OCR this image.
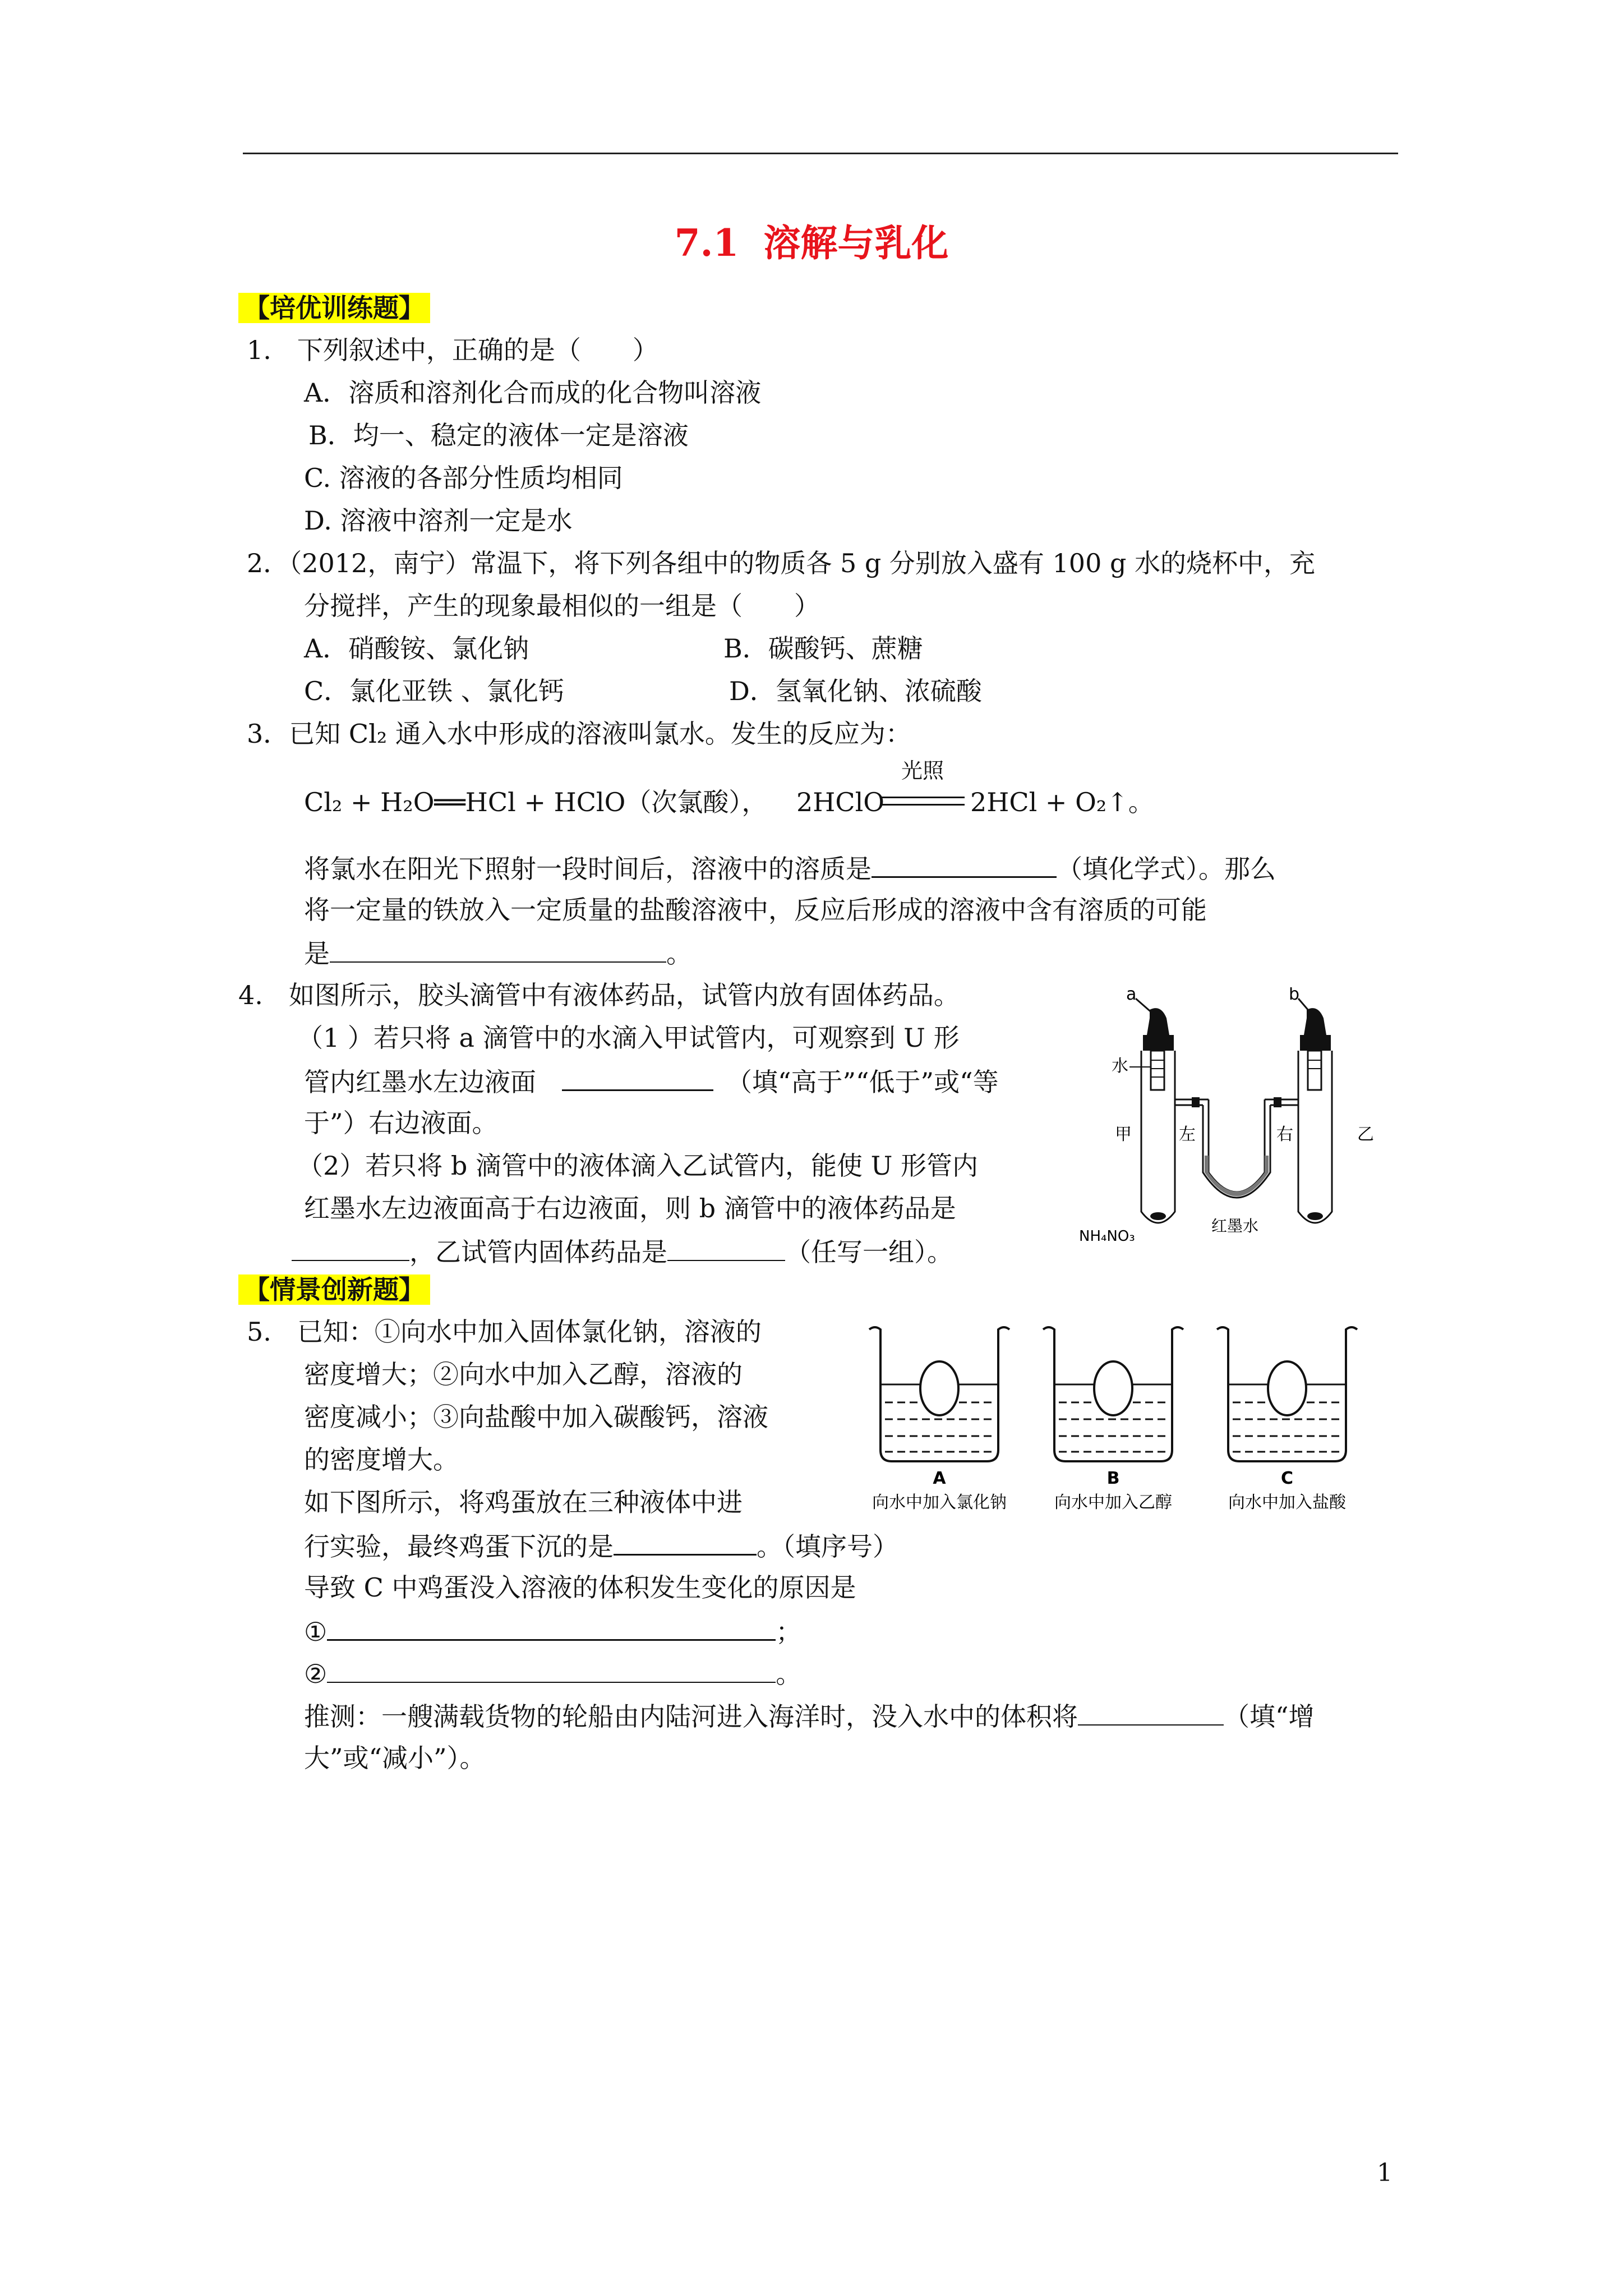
7.1 溶解与乳化
【培优训练题】
1.　下列叙述中，正确的是（　　）
A．溶质和溶剂化合而成的化合物叫溶液
B．均一、稳定的液体一定是溶液
C. 溶液的各部分性质均相同
D. 溶液中溶剂一定是水
2．（2012，南宁）常温下，将下列各组中的物质各 5 g 分别放入盛有 100 g 水的烧杯中，充
分搅拌，产生的现象最相似的一组是（　　）
A．硝酸铵、氯化钠	B．碳酸钙、蔗糖
C．氯化亚铁 、氯化钙	D．氢氧化钠、浓硫酸
3．已知 Cl₂ 通入水中形成的溶液叫氯水。发生的反应为：
Cl₂ + H₂O══HCl + HClO（次氯酸）， 2HClO
光照
2HCl + O₂↑。
将氯水在阳光下照射一段时间后，溶液中的溶质是	（填化学式）。那么
将一定量的铁放入一定质量的盐酸溶液中，反应后形成的溶液中含有溶质的可能
是	。
4.　如图所示，胶头滴管中有液体药品，试管内放有固体药品。
（1 ）若只将 a 滴管中的水滴入甲试管内，可观察到 U 形
管内红墨水左边液面　　	（填“高于”“低于”或“等
于”）右边液面。
（2）若只将 b 滴管中的液体滴入乙试管内，能使 U 形管内
红墨水左边液面高于右边液面，则 b 滴管中的液体药品是
，乙试管内固体药品是	（任写一组）。
a	b
水
甲	左	右	乙
NH₄NO₃
红墨水
【情景创新题】
5.　已知：①向水中加入固体氯化钠，溶液的
密度增大；②向水中加入乙醇，溶液的
密度减小；③向盐酸中加入碳酸钙，溶液
的密度增大。
如下图所示，将鸡蛋放在三种液体中进
行实验，最终鸡蛋下沉的是	。（填序号）
导致 C 中鸡蛋没入溶液的体积发生变化的原因是
①	；
②	。
推测：一艘满载货物的轮船由内陆河进入海洋时，没入水中的体积将	（填“增
大”或“减小”）。
A
向水中加入氯化钠
B
向水中加入乙醇
C
向水中加入盐酸
1
